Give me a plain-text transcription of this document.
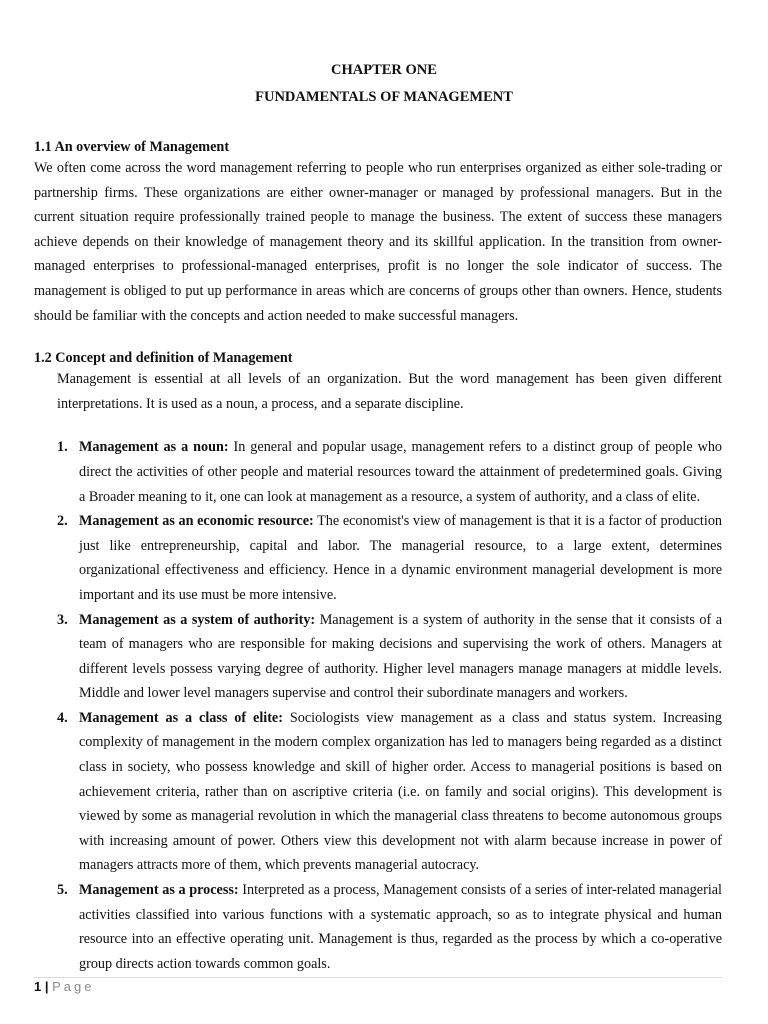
CHAPTER ONE

FUNDAMENTALS OF MANAGEMENT

1.1 An overview of Management

We often come across the word management referring to people who run enterprises organized as either sole-trading or partnership firms. These organizations are either owner-manager or managed by professional managers. But in the current situation require professionally trained people to manage the business. The extent of success these managers achieve depends on their knowledge of management theory and its skillful application. In the transition from owner-managed enterprises to professional-managed enterprises, profit is no longer the sole indicator of success. The management is obliged to put up performance in areas which are concerns of groups other than owners. Hence, students should be familiar with the concepts and action needed to make successful managers.

1.2 Concept and definition of Management

Management is essential at all levels of an organization. But the word management has been given different interpretations. It is used as a noun, a process, and a separate discipline.

1. Management as a noun: In general and popular usage, management refers to a distinct group of people who direct the activities of other people and material resources toward the attainment of predetermined goals. Giving a Broader meaning to it, one can look at management as a resource, a system of authority, and a class of elite.
2. Management as an economic resource: The economist's view of management is that it is a factor of production just like entrepreneurship, capital and labor. The managerial resource, to a large extent, determines organizational effectiveness and efficiency. Hence in a dynamic environment managerial development is more important and its use must be more intensive.
3. Management as a system of authority: Management is a system of authority in the sense that it consists of a team of managers who are responsible for making decisions and supervising the work of others. Managers at different levels possess varying degree of authority. Higher level managers manage managers at middle levels. Middle and lower level managers supervise and control their subordinate managers and workers.
4. Management as a class of elite: Sociologists view management as a class and status system. Increasing complexity of management in the modern complex organization has led to managers being regarded as a distinct class in society, who possess knowledge and skill of higher order. Access to managerial positions is based on achievement criteria, rather than on ascriptive criteria (i.e. on family and social origins). This development is viewed by some as managerial revolution in which the managerial class threatens to become autonomous groups with increasing amount of power. Others view this development not with alarm because increase in power of managers attracts more of them, which prevents managerial autocracy.
5. Management as a process: Interpreted as a process, Management consists of a series of inter-related managerial activities classified into various functions with a systematic approach, so as to integrate physical and human resource into an effective operating unit. Management is thus, regarded as the process by which a co-operative group directs action towards common goals.
1 | Page
